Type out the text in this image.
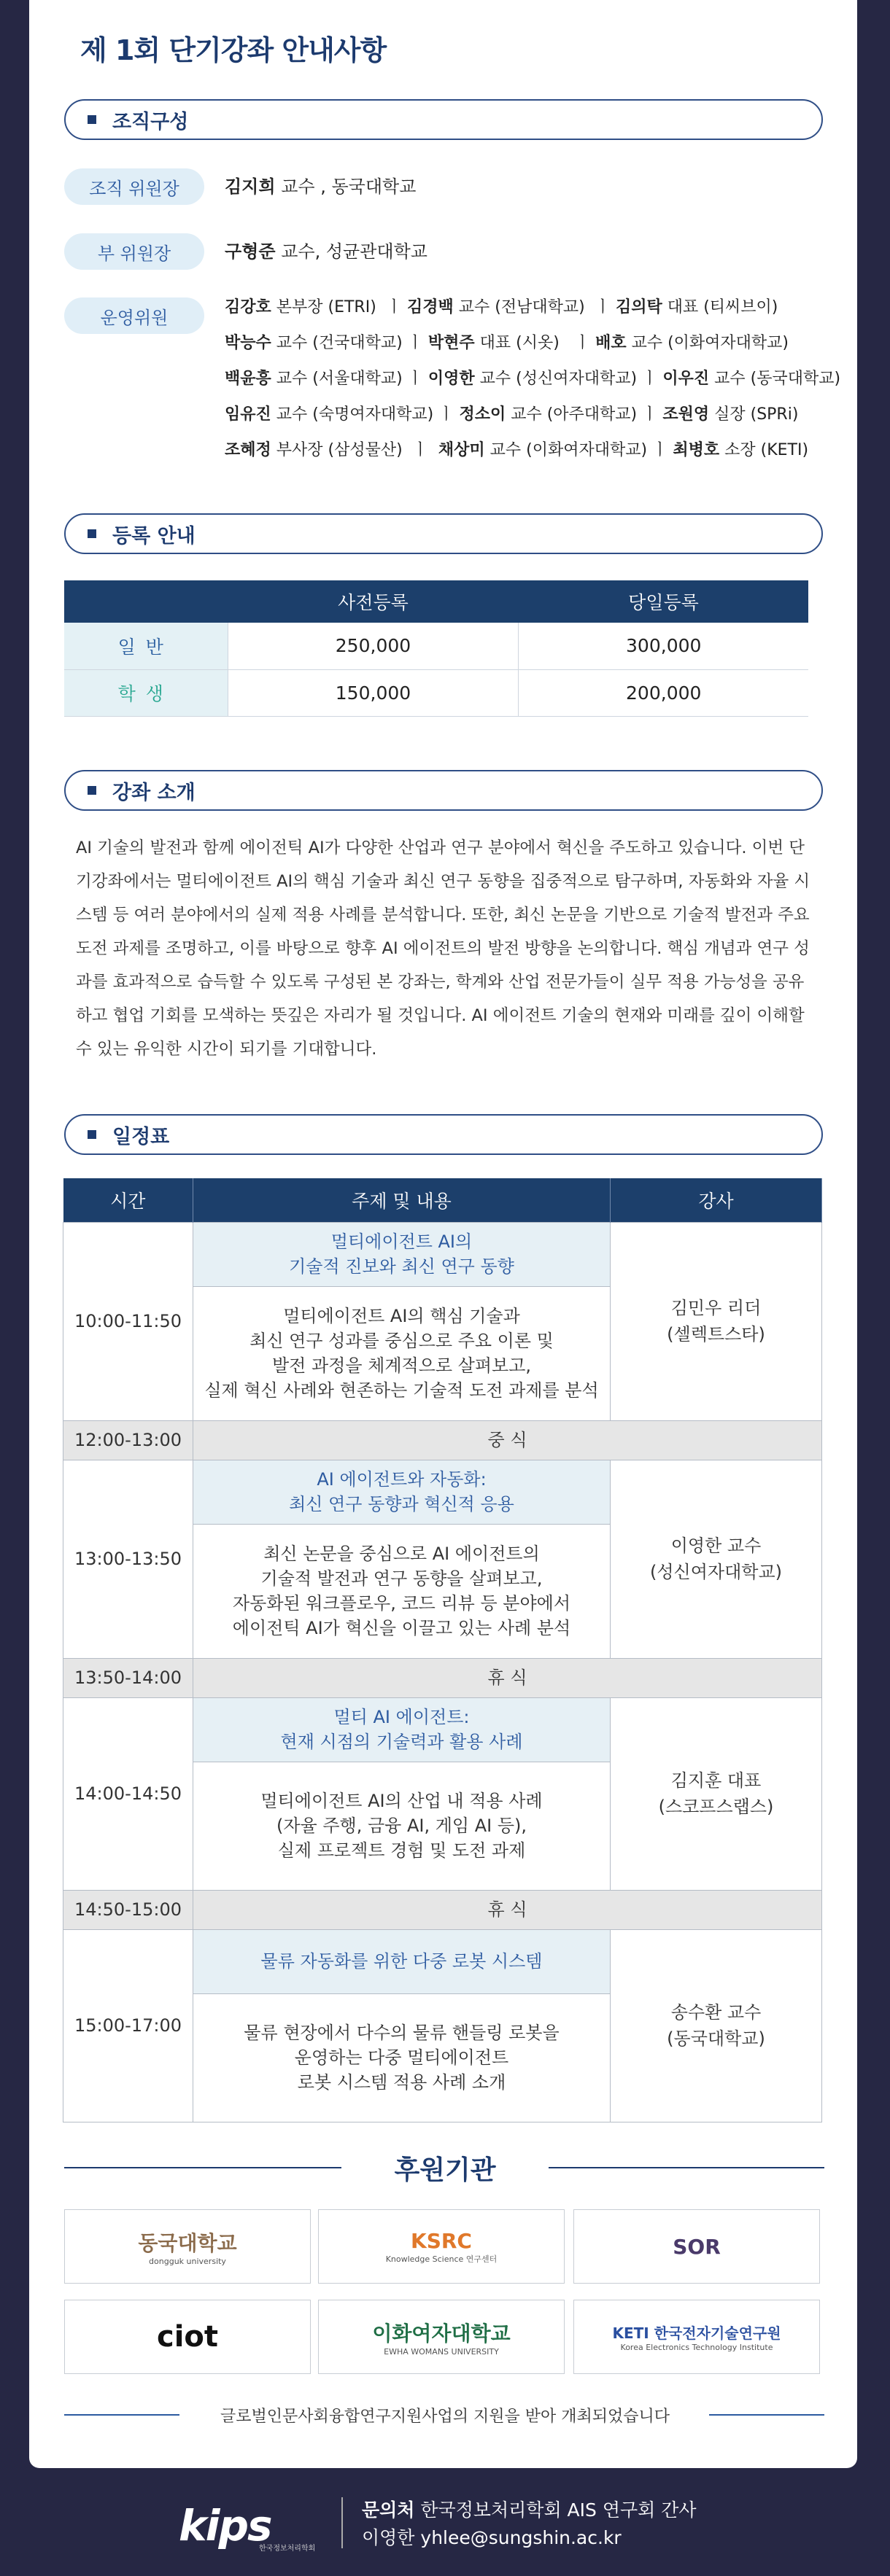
제 1회 단기강좌 안내사항
조직구성
조직 위원장	김지희 교수 , 동국대학교
부 위원장	구형준 교수, 성균관대학교
운영위원	김강호 본부장 (ETRI)  ㅣ 김경백 교수 (전남대학교)  ㅣ 김의탁 대표 (티씨브이)
박능수 교수 (건국대학교) ㅣ 박현주 대표 (시옷)   ㅣ 배호 교수 (이화여자대학교)
백윤흥 교수 (서울대학교) ㅣ 이영한 교수 (성신여자대학교) ㅣ 이우진 교수 (동국대학교)
임유진 교수 (숙명여자대학교) ㅣ 정소이 교수 (아주대학교) ㅣ 조원영 실장 (SPRi)
조혜정 부사장 (삼성물산)  ㅣ  채상미 교수 (이화여자대학교) ㅣ 최병호 소장 (KETI)
등록 안내
	사전등록	당일등록
일반	250,000	300,000
학생	150,000	200,000
강좌 소개
AI 기술의 발전과 함께 에이전틱 AI가 다양한 산업과 연구 분야에서 혁신을 주도하고 있습니다. 이번 단기강좌에서는 멀티에이전트 AI의 핵심 기술과 최신 연구 동향을 집중적으로 탐구하며, 자동화와 자율 시스템 등 여러 분야에서의 실제 적용 사례를 분석합니다. 또한, 최신 논문을 기반으로 기술적 발전과 주요 도전 과제를 조명하고, 이를 바탕으로 향후 AI 에이전트의 발전 방향을 논의합니다. 핵심 개념과 연구 성과를 효과적으로 습득할 수 있도록 구성된 본 강좌는, 학계와 산업 전문가들이 실무 적용 가능성을 공유하고 협업 기회를 모색하는 뜻깊은 자리가 될 것입니다. AI 에이전트 기술의 현재와 미래를 깊이 이해할 수 있는 유익한 시간이 되기를 기대합니다.
일정표
시간	주제 및 내용	강사
10:00-11:50	멀티에이전트 AI의
기술적 진보와 최신 연구 동향	김민우 리더
(셀렉트스타)
	멀티에이전트 AI의 핵심 기술과
최신 연구 성과를 중심으로 주요 이론 및
발전 과정을 체계적으로 살펴보고,
실제 혁신 사례와 현존하는 기술적 도전 과제를 분석	
12:00-13:00	중 식	
13:00-13:50	AI 에이전트와 자동화:
최신 연구 동향과 혁신적 응용	이영한 교수
(성신여자대학교)
	최신 논문을 중심으로 AI 에이전트의
기술적 발전과 연구 동향을 살펴보고,
자동화된 워크플로우, 코드 리뷰 등 분야에서
에이전틱 AI가 혁신을 이끌고 있는 사례 분석	
13:50-14:00	휴 식	
14:00-14:50	멀티 AI 에이전트:
현재 시점의 기술력과 활용 사례	김지훈 대표
(스코프스랩스)
	멀티에이전트 AI의 산업 내 적용 사례
(자율 주행, 금융 AI, 게임 AI 등),
실제 프로젝트 경험 및 도전 과제	
14:50-15:00	휴 식	
15:00-17:00	물류 자동화를 위한 다중 로봇 시스템	송수환 교수
(동국대학교)
	물류 현장에서 다수의 물류 핸들링 로봇을
운영하는 다중 멀티에이전트
로봇 시스템 적용 사례 소개	
후원기관
동국대학교
dongguk university
KSRC
Knowledge Science 연구센터
SOR
ciot	이화여자대학교
EWHA WOMANS UNIVERSITY
KETI 한국전자기술연구원
Korea Electronics Technology Institute
글로벌인문사회융합연구지원사업의 지원을 받아 개최되었습니다
kips
한국정보처리학회
문의처 한국정보처리학회 AIS 연구회 간사
이영한 yhlee@sungshin.ac.kr
